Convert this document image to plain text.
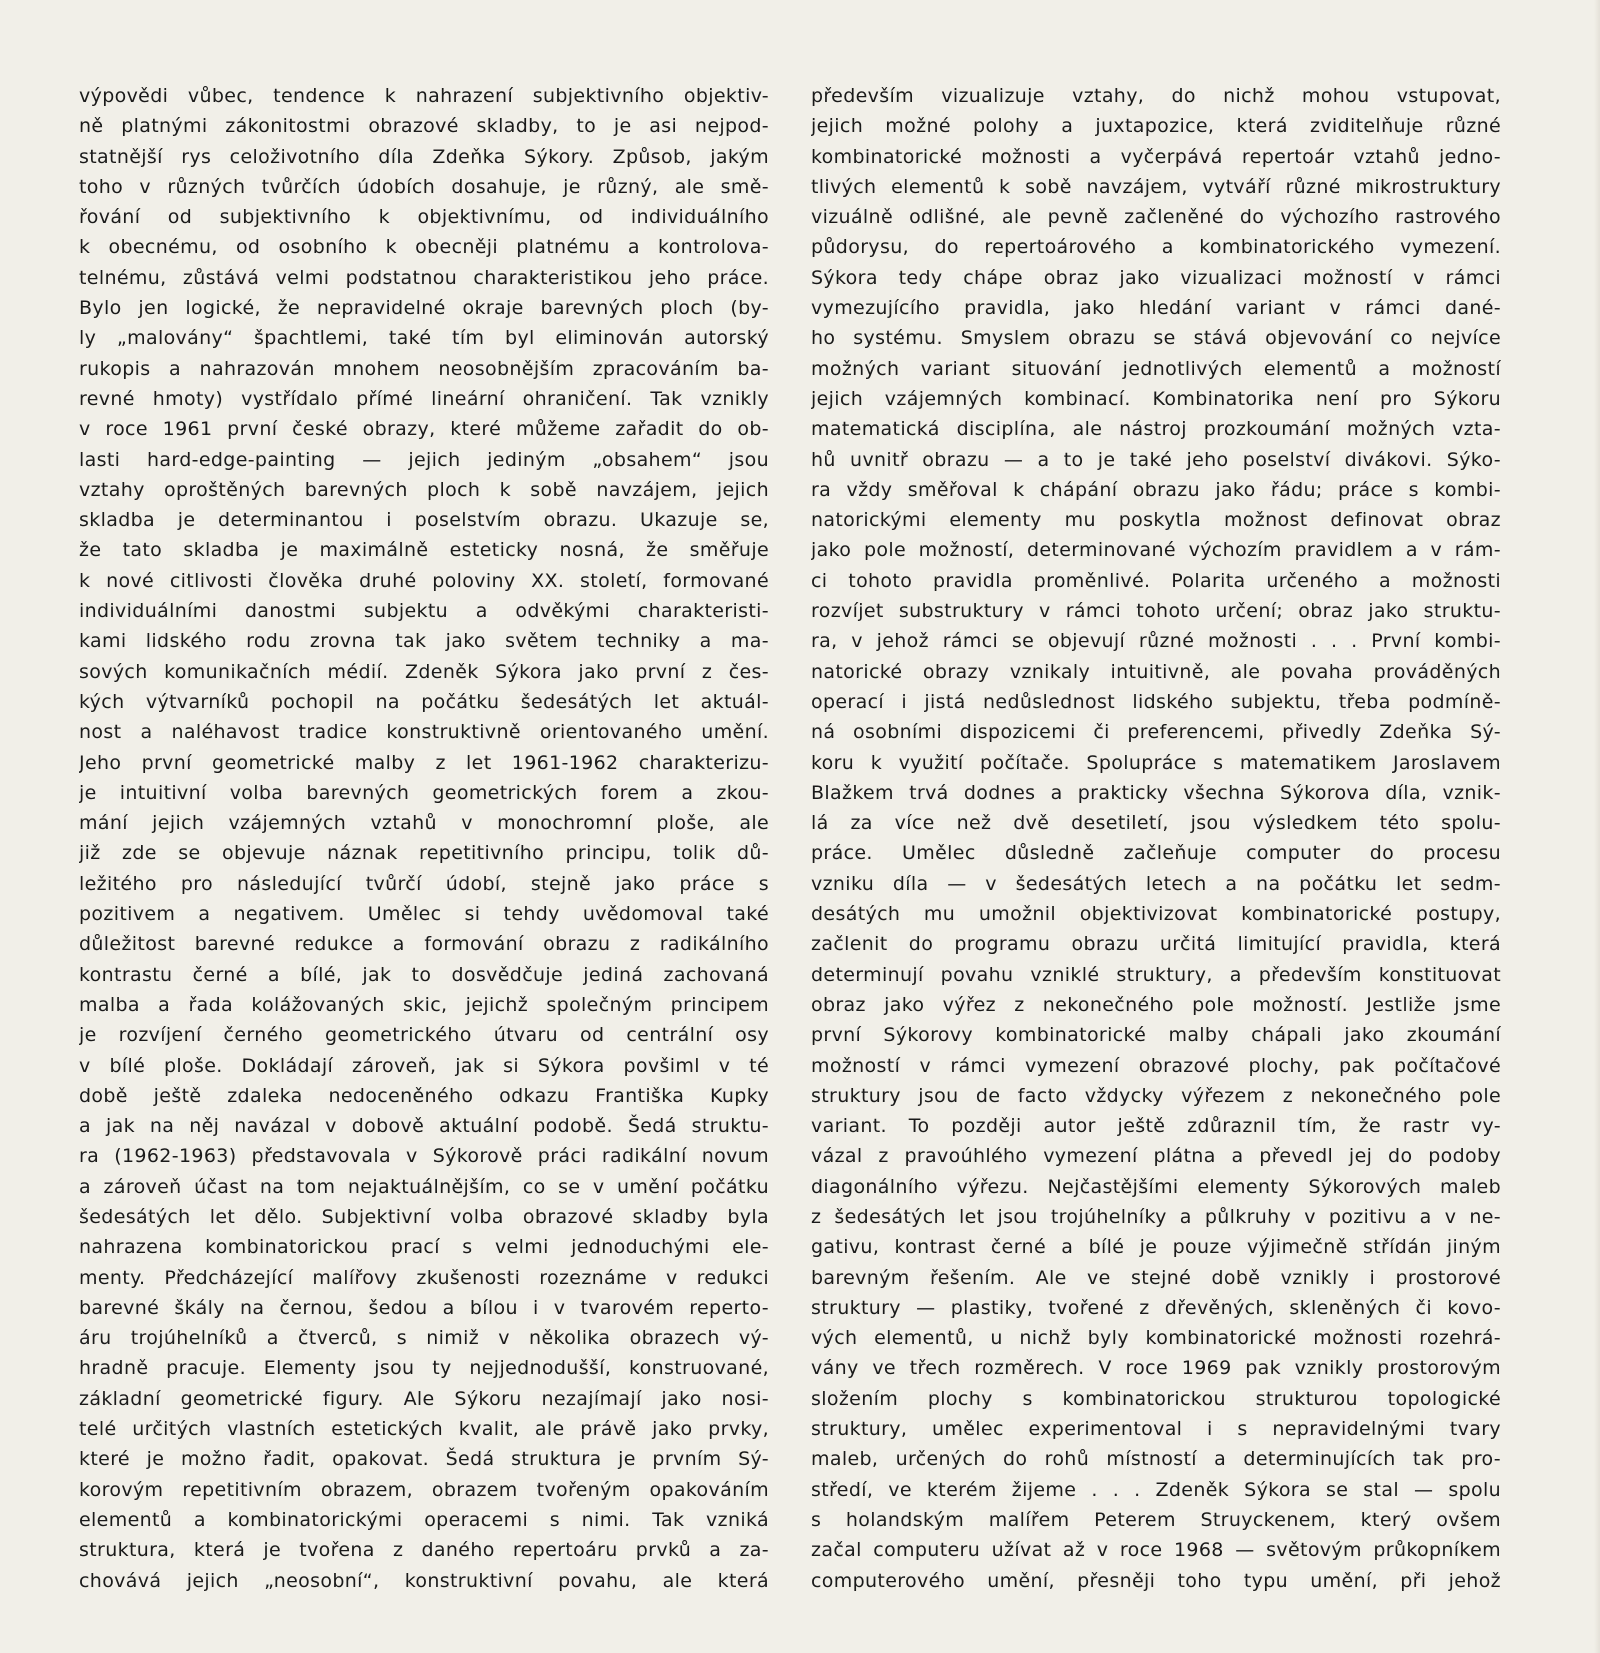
výpovědi vůbec, tendence k nahrazení subjektivního objektiv-
ně platnými zákonitostmi obrazové skladby, to je asi nejpod-
statnější rys celoživotního díla Zdeňka Sýkory. Způsob, jakým
toho v různých tvůrčích údobích dosahuje, je různý, ale smě-
řování od subjektivního k objektivnímu, od individuálního
k obecnému, od osobního k obecněji platnému a kontrolova-
telnému, zůstává velmi podstatnou charakteristikou jeho práce.
Bylo jen logické, že nepravidelné okraje barevných ploch (by-
ly „malovány“ špachtlemi, také tím byl eliminován autorský
rukopis a nahrazován mnohem neosobnějším zpracováním ba-
revné hmoty) vystřídalo přímé lineární ohraničení. Tak vznikly
v roce 1961 první české obrazy, které můžeme zařadit do ob-
lasti hard-edge-painting — jejich jediným „obsahem“ jsou
vztahy oproštěných barevných ploch k sobě navzájem, jejich
skladba je determinantou i poselstvím obrazu. Ukazuje se,
že tato skladba je maximálně esteticky nosná, že směřuje
k nové citlivosti člověka druhé poloviny XX. století, formované
individuálními danostmi subjektu a odvěkými charakteristi-
kami lidského rodu zrovna tak jako světem techniky a ma-
sových komunikačních médií. Zdeněk Sýkora jako první z čes-
kých výtvarníků pochopil na počátku šedesátých let aktuál-
nost a naléhavost tradice konstruktivně orientovaného umění.
Jeho první geometrické malby z let 1961-1962 charakterizu-
je intuitivní volba barevných geometrických forem a zkou-
mání jejich vzájemných vztahů v monochromní ploše, ale
již zde se objevuje náznak repetitivního principu, tolik dů-
ležitého pro následující tvůrčí údobí, stejně jako práce s
pozitivem a negativem. Umělec si tehdy uvědomoval také
důležitost barevné redukce a formování obrazu z radikálního
kontrastu černé a bílé, jak to dosvědčuje jediná zachovaná
malba a řada kolážovaných skic, jejichž společným principem
je rozvíjení černého geometrického útvaru od centrální osy
v bílé ploše. Dokládají zároveň, jak si Sýkora povšiml v té
době ještě zdaleka nedoceněného odkazu Františka Kupky
a jak na něj navázal v dobově aktuální podobě. Šedá struktu-
ra (1962-1963) představovala v Sýkorově práci radikální novum
a zároveň účast na tom nejaktuálnějším, co se v umění počátku
šedesátých let dělo. Subjektivní volba obrazové skladby byla
nahrazena kombinatorickou prací s velmi jednoduchými ele-
menty. Předcházející malířovy zkušenosti rozeznáme v redukci
barevné škály na černou, šedou a bílou i v tvarovém reperto-
áru trojúhelníků a čtverců, s nimiž v několika obrazech vý-
hradně pracuje. Elementy jsou ty nejjednodušší, konstruované,
základní geometrické figury. Ale Sýkoru nezajímají jako nosi-
telé určitých vlastních estetických kvalit, ale právě jako prvky,
které je možno řadit, opakovat. Šedá struktura je prvním Sý-
korovým repetitivním obrazem, obrazem tvořeným opakováním
elementů a kombinatorickými operacemi s nimi. Tak vzniká
struktura, která je tvořena z daného repertoáru prvků a za-
chovává jejich „neosobní“, konstruktivní povahu, ale která
především vizualizuje vztahy, do nichž mohou vstupovat,
jejich možné polohy a juxtapozice, která zviditelňuje různé
kombinatorické možnosti a vyčerpává repertoár vztahů jedno-
tlivých elementů k sobě navzájem, vytváří různé mikrostruktury
vizuálně odlišné, ale pevně začleněné do výchozího rastrového
půdorysu, do repertoárového a kombinatorického vymezení.
Sýkora tedy chápe obraz jako vizualizaci možností v rámci
vymezujícího pravidla, jako hledání variant v rámci dané-
ho systému. Smyslem obrazu se stává objevování co nejvíce
možných variant situování jednotlivých elementů a možností
jejich vzájemných kombinací. Kombinatorika není pro Sýkoru
matematická disciplína, ale nástroj prozkoumání možných vzta-
hů uvnitř obrazu — a to je také jeho poselství divákovi. Sýko-
ra vždy směřoval k chápání obrazu jako řádu; práce s kombi-
natorickými elementy mu poskytla možnost definovat obraz
jako pole možností, determinované výchozím pravidlem a v rám-
ci tohoto pravidla proměnlivé. Polarita určeného a možnosti
rozvíjet substruktury v rámci tohoto určení; obraz jako struktu-
ra, v jehož rámci se objevují různé možnosti . . . První kombi-
natorické obrazy vznikaly intuitivně, ale povaha prováděných
operací i jistá nedůslednost lidského subjektu, třeba podmíně-
ná osobními dispozicemi či preferencemi, přivedly Zdeňka Sý-
koru k využití počítače. Spolupráce s matematikem Jaroslavem
Blažkem trvá dodnes a prakticky všechna Sýkorova díla, vznik-
lá za více než dvě desetiletí, jsou výsledkem této spolu-
práce. Umělec důsledně začleňuje computer do procesu
vzniku díla — v šedesátých letech a na počátku let sedm-
desátých mu umožnil objektivizovat kombinatorické postupy,
začlenit do programu obrazu určitá limitující pravidla, která
determinují povahu vzniklé struktury, a především konstituovat
obraz jako výřez z nekonečného pole možností. Jestliže jsme
první Sýkorovy kombinatorické malby chápali jako zkoumání
možností v rámci vymezení obrazové plochy, pak počítačové
struktury jsou de facto vždycky výřezem z nekonečného pole
variant. To později autor ještě zdůraznil tím, že rastr vy-
vázal z pravoúhlého vymezení plátna a převedl jej do podoby
diagonálního výřezu. Nejčastějšími elementy Sýkorových maleb
z šedesátých let jsou trojúhelníky a půlkruhy v pozitivu a v ne-
gativu, kontrast černé a bílé je pouze výjimečně střídán jiným
barevným řešením. Ale ve stejné době vznikly i prostorové
struktury — plastiky, tvořené z dřevěných, skleněných či kovo-
vých elementů, u nichž byly kombinatorické možnosti rozehrá-
vány ve třech rozměrech. V roce 1969 pak vznikly prostorovým
složením plochy s kombinatorickou strukturou topologické
struktury, umělec experimentoval i s nepravidelnými tvary
maleb, určených do rohů místností a determinujících tak pro-
středí, ve kterém žijeme . . . Zdeněk Sýkora se stal — spolu
s holandským malířem Peterem Struyckenem, který ovšem
začal computeru užívat až v roce 1968 — světovým průkopníkem
computerového umění, přesněji toho typu umění, při jehož
